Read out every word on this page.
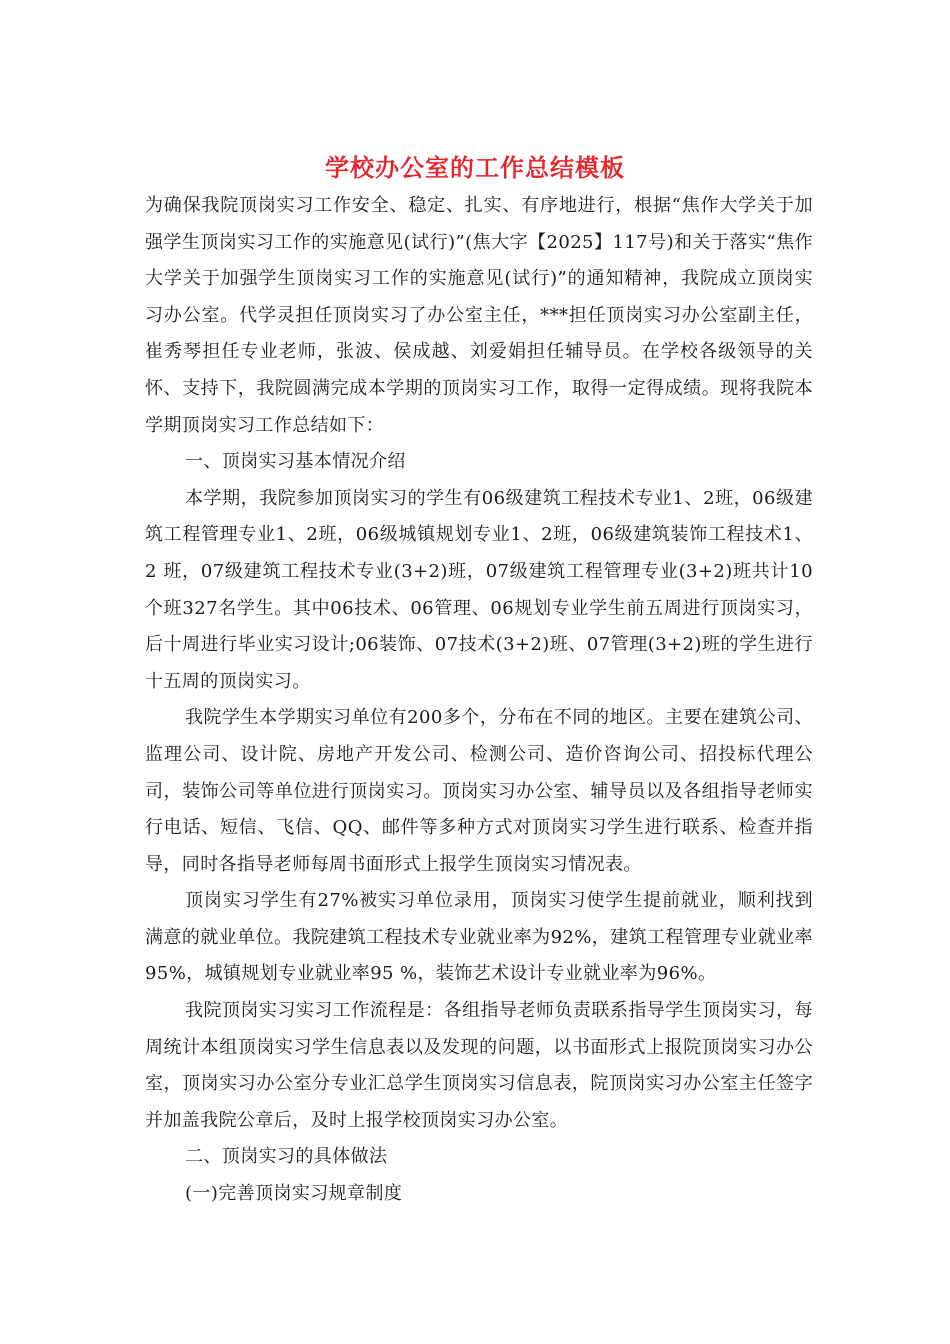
学校办公室的工作总结模板

为确保我院顶岗实习工作安全、稳定、扎实、有序地进行，根据“焦作大学关于加强学生顶岗实习工作的实施意见(试行)”(焦大字【2025】117号)和关于落实“焦作大学关于加强学生顶岗实习工作的实施意见(试行)”的通知精神，我院成立顶岗实习办公室。代学灵担任顶岗实习了办公室主任，***担任顶岗实习办公室副主任，崔秀琴担任专业老师，张波、侯成越、刘爱娟担任辅导员。在学校各级领导的关怀、支持下，我院圆满完成本学期的顶岗实习工作，取得一定得成绩。现将我院本学期顶岗实习工作总结如下：

一、顶岗实习基本情况介绍

本学期，我院参加顶岗实习的学生有06级建筑工程技术专业1、2班，06级建筑工程管理专业1、2班，06级城镇规划专业1、2班，06级建筑装饰工程技术1、2 班，07级建筑工程技术专业(3+2)班，07级建筑工程管理专业(3+2)班共计10个班327名学生。其中06技术、06管理、06规划专业学生前五周进行顶岗实习，后十周进行毕业实习设计;06装饰、07技术(3+2)班、07管理(3+2)班的学生进行十五周的顶岗实习。

我院学生本学期实习单位有200多个，分布在不同的地区。主要在建筑公司、监理公司、设计院、房地产开发公司、检测公司、造价咨询公司、招投标代理公司，装饰公司等单位进行顶岗实习。顶岗实习办公室、辅导员以及各组指导老师实行电话、短信、飞信、QQ、邮件等多种方式对顶岗实习学生进行联系、检查并指导，同时各指导老师每周书面形式上报学生顶岗实习情况表。

顶岗实习学生有27%被实习单位录用，顶岗实习使学生提前就业，顺利找到满意的就业单位。我院建筑工程技术专业就业率为92%，建筑工程管理专业就业率95%，城镇规划专业就业率95 %，装饰艺术设计专业就业率为96%。

我院顶岗实习实习工作流程是：各组指导老师负责联系指导学生顶岗实习，每周统计本组顶岗实习学生信息表以及发现的问题，以书面形式上报院顶岗实习办公室，顶岗实习办公室分专业汇总学生顶岗实习信息表，院顶岗实习办公室主任签字并加盖我院公章后，及时上报学校顶岗实习办公室。

二、顶岗实习的具体做法

(一)完善顶岗实习规章制度
